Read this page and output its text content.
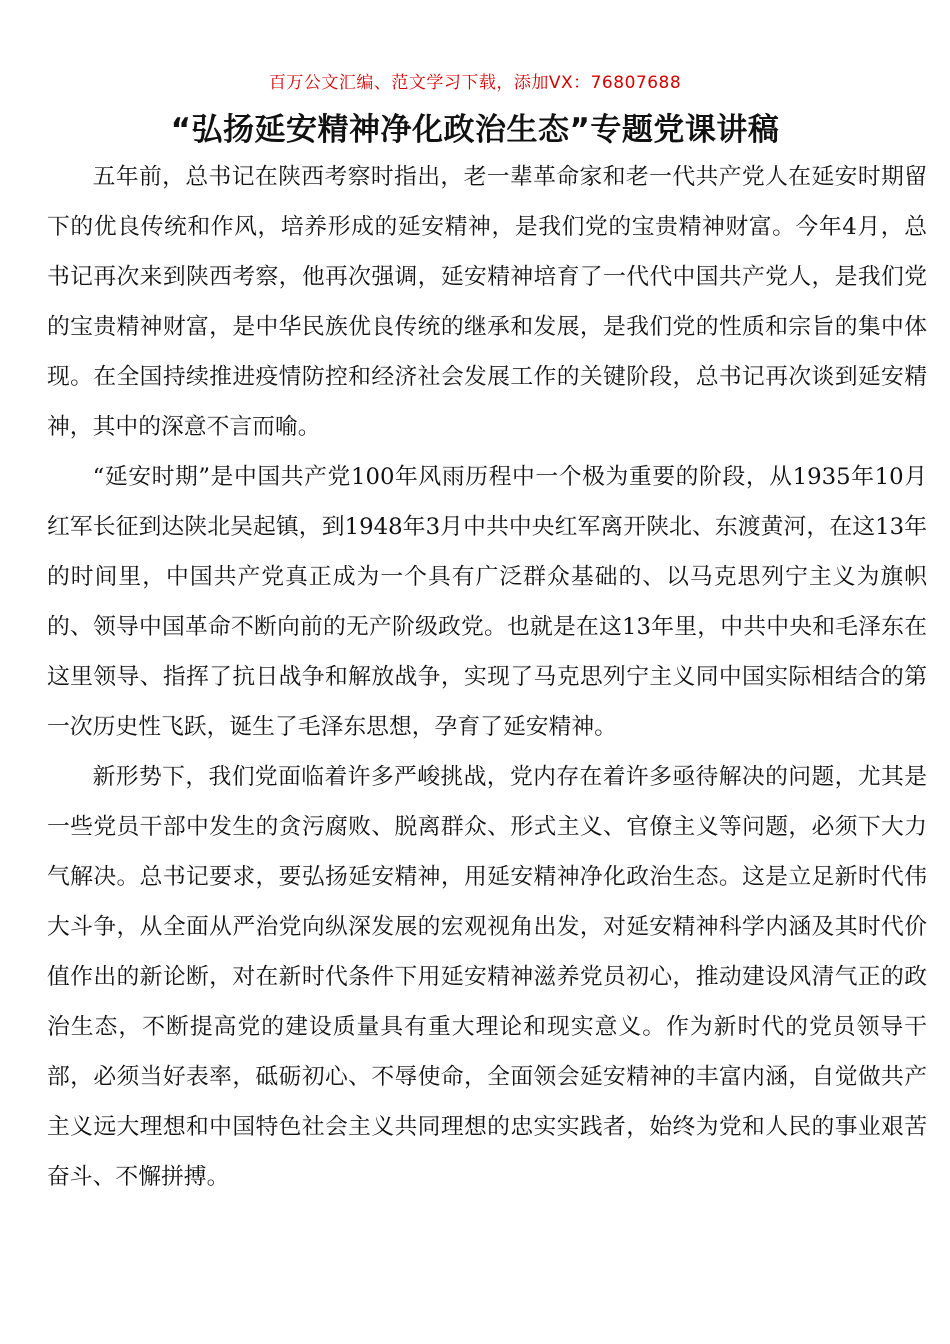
百万公文汇编、范文学习下载，添加VX：76807688
“弘扬延安精神净化政治生态”专题党课讲稿

五年前，总书记在陕西考察时指出，老一辈革命家和老一代共产党人在延安时期留下的优良传统和作风，培养形成的延安精神，是我们党的宝贵精神财富。今年4月，总书记再次来到陕西考察，他再次强调，延安精神培育了一代代中国共产党人，是我们党的宝贵精神财富，是中华民族优良传统的继承和发展，是我们党的性质和宗旨的集中体现。在全国持续推进疫情防控和经济社会发展工作的关键阶段，总书记再次谈到延安精神，其中的深意不言而喻。

“延安时期”是中国共产党100年风雨历程中一个极为重要的阶段，从1935年10月红军长征到达陕北吴起镇，到1948年3月中共中央红军离开陕北、东渡黄河，在这13年的时间里，中国共产党真正成为一个具有广泛群众基础的、以马克思列宁主义为旗帜的、领导中国革命不断向前的无产阶级政党。也就是在这13年里，中共中央和毛泽东在这里领导、指挥了抗日战争和解放战争，实现了马克思列宁主义同中国实际相结合的第一次历史性飞跃，诞生了毛泽东思想，孕育了延安精神。

新形势下，我们党面临着许多严峻挑战，党内存在着许多亟待解决的问题，尤其是一些党员干部中发生的贪污腐败、脱离群众、形式主义、官僚主义等问题，必须下大力气解决。总书记要求，要弘扬延安精神，用延安精神净化政治生态。这是立足新时代伟大斗争，从全面从严治党向纵深发展的宏观视角出发，对延安精神科学内涵及其时代价值作出的新论断，对在新时代条件下用延安精神滋养党员初心，推动建设风清气正的政治生态，不断提高党的建设质量具有重大理论和现实意义。作为新时代的党员领导干部，必须当好表率，砥砺初心、不辱使命，全面领会延安精神的丰富内涵，自觉做共产主义远大理想和中国特色社会主义共同理想的忠实实践者，始终为党和人民的事业艰苦奋斗、不懈拼搏。
